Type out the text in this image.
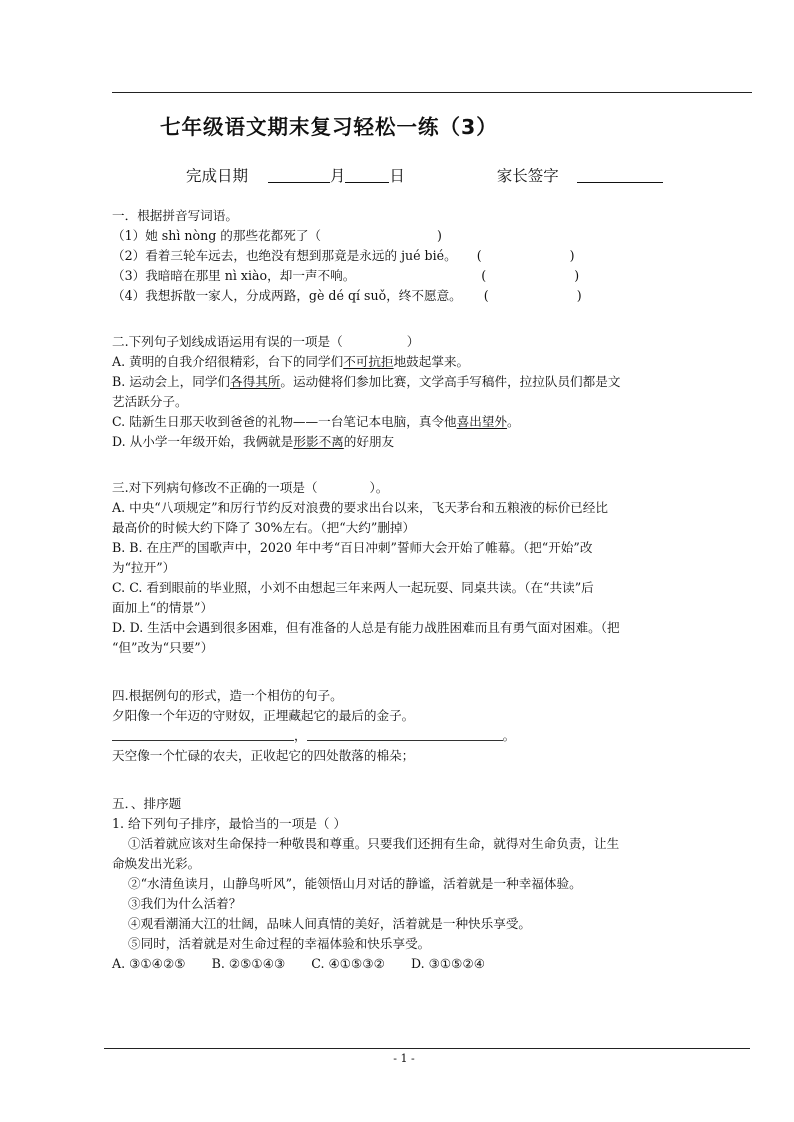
七年级语文期末复习轻松一练（3）
完成日期	月	日	家长签字

一．根据拼音写词语。

（1）她 shì nòng 的那些花都死了（	)

（2）看着三轮车远去，也绝没有想到那竟是永远的 jué bié。 (	)

（3）我暗暗在那里 nì xiào，却一声不响。	(	)

（4）我想拆散一家人，分成两路，gè dé qí suǒ，终不愿意。 (	)

二.下列句子划线成语运用有误的一项是（	）

A. 黄明的自我介绍很精彩，台下的同学们不可抗拒地鼓起掌来。

B. 运动会上，同学们各得其所。运动健将们参加比赛，文学高手写稿件，拉拉队员们都是文

艺活跃分子。

C. 陆新生日那天收到爸爸的礼物——一台笔记本电脑，真令他喜出望外。

D. 从小学一年级开始，我俩就是形影不离的好朋友

三.对下列病句修改不正确的一项是（	）。

A. 中央“八项规定”和厉行节约反对浪费的要求出台以来，飞天茅台和五粮液的标价已经比

最高价的时候大约下降了 30%左右。（把“大约”删掉）

B. B. 在庄严的国歌声中，2020 年中考“百日冲刺”誓师大会开始了帷幕。（把“开始”改

为“拉开”）

C. C. 看到眼前的毕业照，小刘不由想起三年来两人一起玩耍、同桌共读。（在“共读”后

面加上“的情景”）

D. D. 生活中会遇到很多困难，但有准备的人总是有能力战胜困难而且有勇气面对困难。（把

“但”改为“只要”）

四.根据例句的形式，造一个相仿的句子。

夕阳像一个年迈的守财奴，正埋藏起它的最后的金子。

，	。

天空像一个忙碌的农夫，正收起它的四处散落的棉朵；

五．、排序题

1. 给下列句子排序，最恰当的一项是（ ）

①活着就应该对生命保持一种敬畏和尊重。只要我们还拥有生命，就得对生命负责，让生

命焕发出光彩。

②“水清鱼读月，山静鸟听风”，能领悟山月对话的静谧，活着就是一种幸福体验。

③我们为什么活着？

④观看潮涌大江的壮阔，品味人间真情的美好，活着就是一种快乐享受。

⑤同时，活着就是对生命过程的幸福体验和快乐享受。

A. ③①④②⑤ B. ②⑤①④③ C. ④①⑤③② D. ③①⑤②④

- 1 -
